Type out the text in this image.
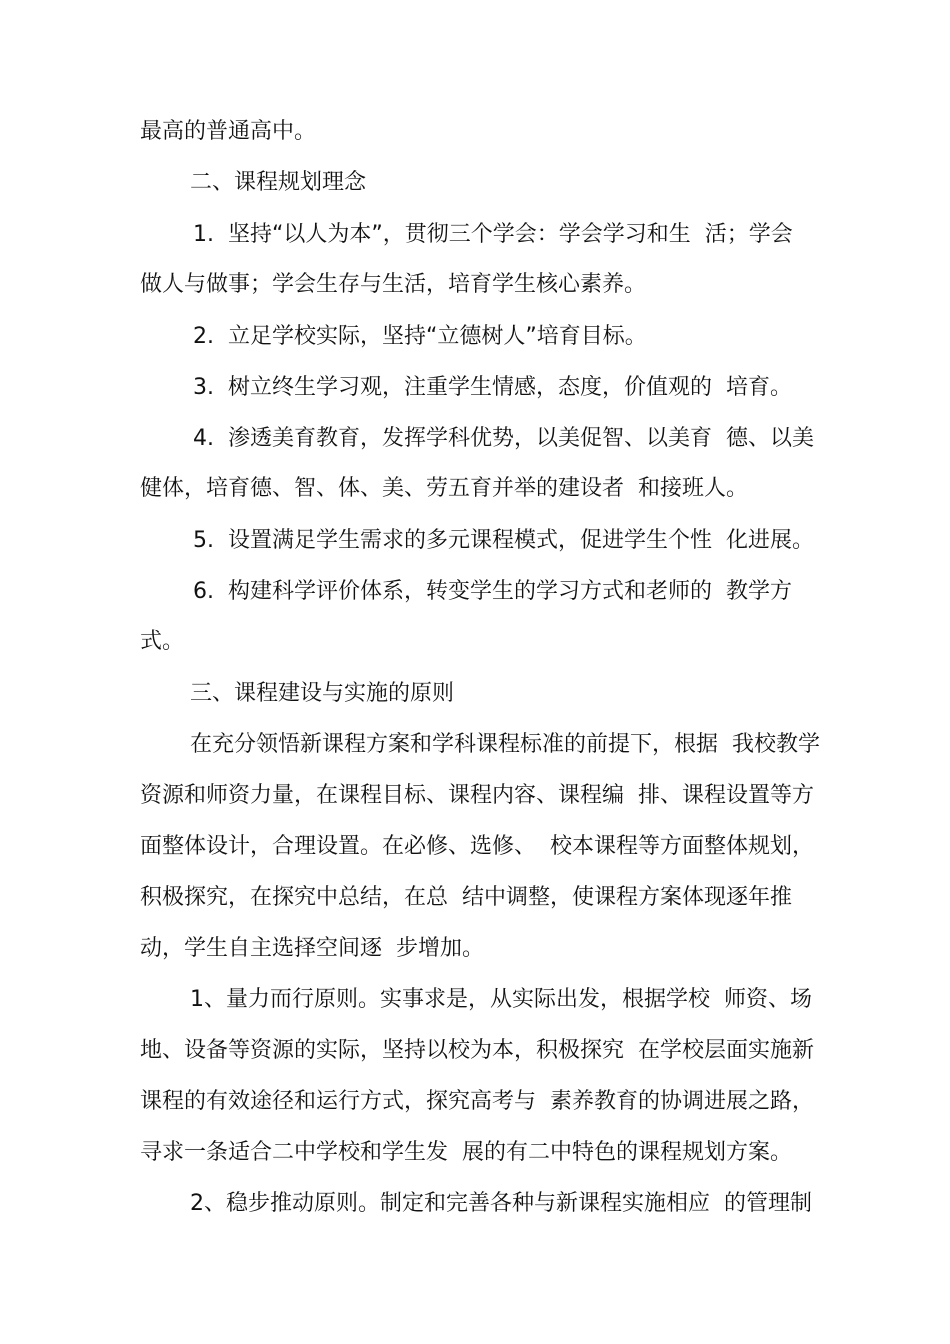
最高的普通高中。
二、课程规划理念
1.  坚持“以人为本”，贯彻三个学会：学会学习和生  活；学会
做人与做事；学会生存与生活，培育学生核心素养。
2.  立足学校实际，坚持“立德树人”培育目标。
3.  树立终生学习观，注重学生情感，态度，价值观的  培育。
4.  渗透美育教育，发挥学科优势，以美促智、以美育  德、以美
健体，培育德、智、体、美、劳五育并举的建设者  和接班人。
5.  设置满足学生需求的多元课程模式，促进学生个性  化进展。
6.  构建科学评价体系，转变学生的学习方式和老师的  教学方
式。
三、课程建设与实施的原则
在充分领悟新课程方案和学科课程标准的前提下，根据  我校教学
资源和师资力量，在课程目标、课程内容、课程编  排、课程设置等方
面整体设计，合理设置。在必修、选修、  校本课程等方面整体规划，
积极探究，在探究中总结，在总  结中调整，使课程方案体现逐年推
动，学生自主选择空间逐  步增加。
1、量力而行原则。实事求是，从实际出发，根据学校  师资、场
地、设备等资源的实际，坚持以校为本，积极探究  在学校层面实施新
课程的有效途径和运行方式，探究高考与  素养教育的协调进展之路，
寻求一条适合二中学校和学生发  展的有二中特色的课程规划方案。
2、稳步推动原则。制定和完善各种与新课程实施相应  的管理制
